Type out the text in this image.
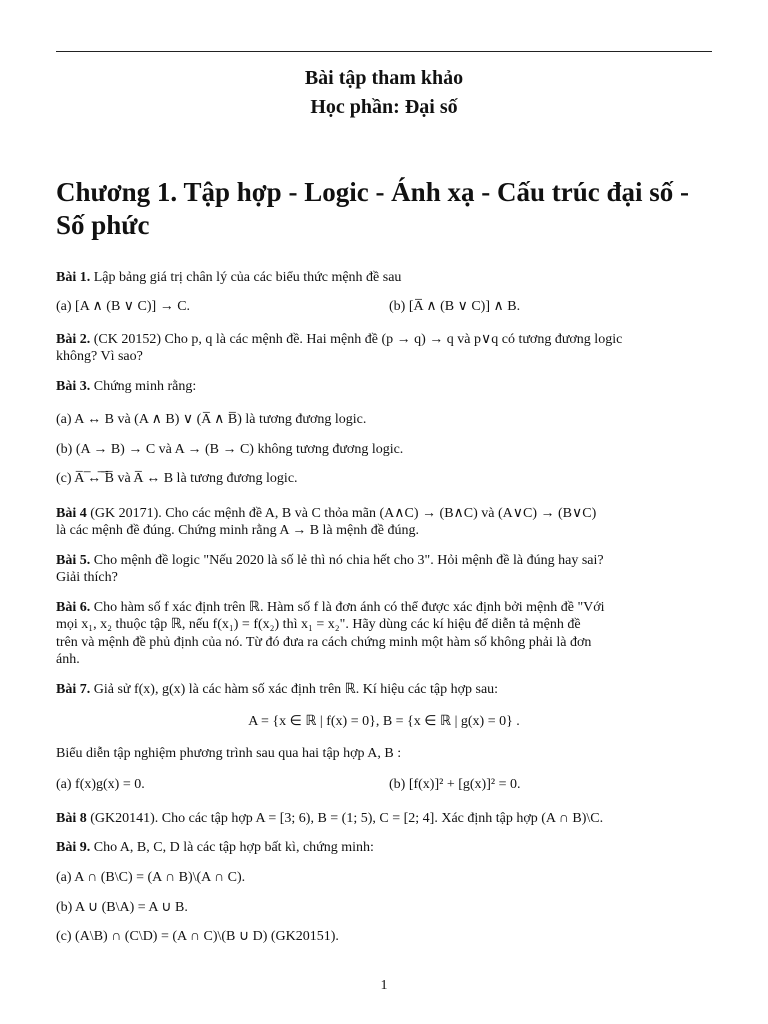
Bài tập tham khảo
Học phần: Đại số
Chương 1. Tập hợp - Logic - Ánh xạ - Cấu trúc đại số - Số phức
Bài 1. Lập bảng giá trị chân lý của các biểu thức mệnh đề sau
(a) [A ∧ (B ∨ C)] → C.	(b) [A̅ ∧ (B ∨ C)] ∧ B.
Bài 2. (CK 20152) Cho p, q là các mệnh đề. Hai mệnh đề (p → q) → q và p∨q có tương đương logic
không? Vì sao?
Bài 3. Chứng minh rằng:
(a) A ↔ B và (A ∧ B) ∨ (A̅ ∧ B̅) là tương đương logic.
(b) (A → B) → C và A → (B → C) không tương đương logic.
(c) A̅ ̅↔̅ ̅B̅ và A̅ ↔ B là tương đương logic.
Bài 4 (GK 20171). Cho các mệnh đề A, B và C thỏa mãn (A∧C) → (B∧C) và (A∨C) → (B∨C)
là các mệnh đề đúng. Chứng minh rằng A → B là mệnh đề đúng.
Bài 5. Cho mệnh đề logic "Nếu 2020 là số lẻ thì nó chia hết cho 3". Hỏi mệnh đề là đúng hay sai?
Giải thích?
Bài 6. Cho hàm số f xác định trên ℝ. Hàm số f là đơn ánh có thể được xác định bởi mệnh đề "Với
mọi x₁, x₂ thuộc tập ℝ, nếu f(x₁) = f(x₂) thì x₁ = x₂". Hãy dùng các kí hiệu để diễn tả mệnh đề
trên và mệnh đề phủ định của nó. Từ đó đưa ra cách chứng minh một hàm số không phải là đơn
ánh.
Bài 7. Giả sử f(x), g(x) là các hàm số xác định trên ℝ. Kí hiệu các tập hợp sau:
A = {x ∈ ℝ | f(x) = 0}, B = {x ∈ ℝ | g(x) = 0} .
Biểu diễn tập nghiệm phương trình sau qua hai tập hợp A, B :
(a) f(x)g(x) = 0.	(b) [f(x)]² + [g(x)]² = 0.
Bài 8 (GK20141). Cho các tập hợp A = [3; 6), B = (1; 5), C = [2; 4]. Xác định tập hợp (A ∩ B)\C.
Bài 9. Cho A, B, C, D là các tập hợp bất kì, chứng minh:
(a) A ∩ (B\C) = (A ∩ B)\(A ∩ C).
(b) A ∪ (B\A) = A ∪ B.
(c) (A\B) ∩ (C\D) = (A ∩ C)\(B ∪ D) (GK20151).
1
